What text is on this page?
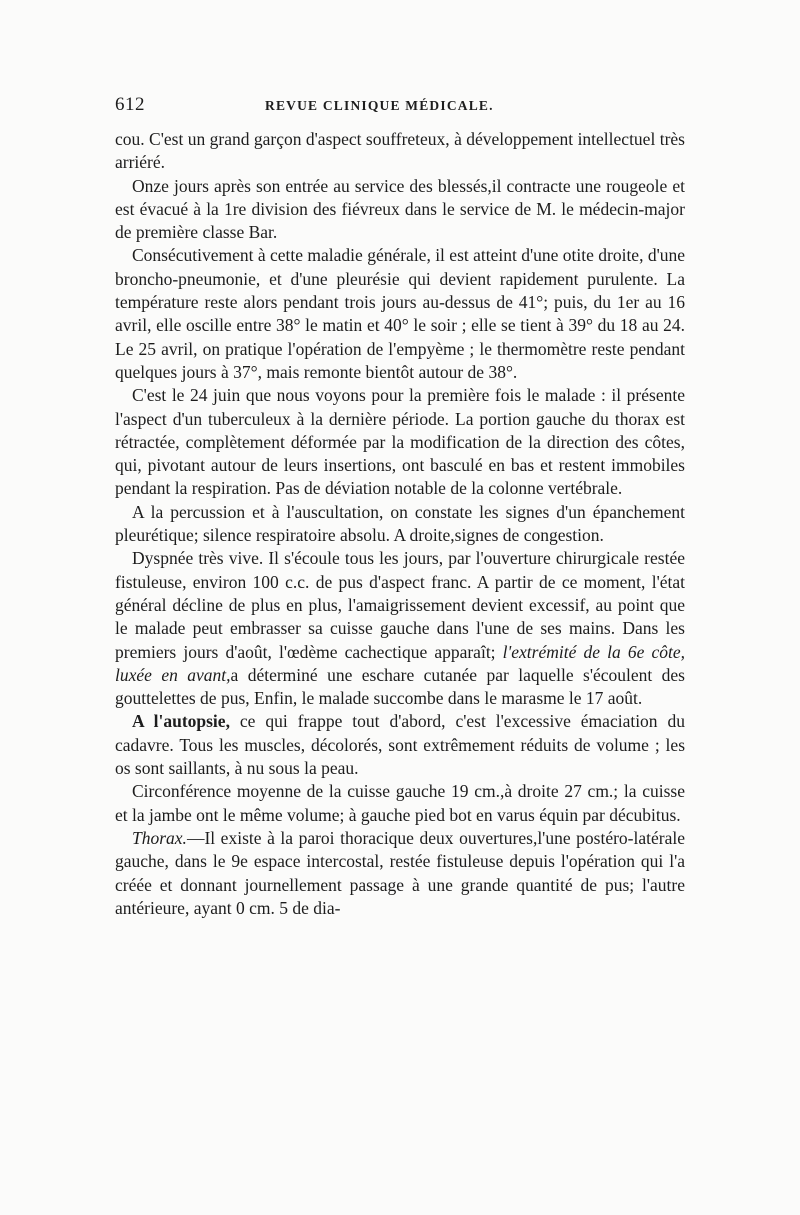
612	REVUE CLINIQUE MÉDICALE.

cou. C'est un grand garçon d'aspect souffreteux, à développement intellectuel très arriéré.

Onze jours après son entrée au service des blessés,il contracte une rougeole et est évacué à la 1re division des fiévreux dans le service de M. le médecin-major de première classe Bar.

Consécutivement à cette maladie générale, il est atteint d'une otite droite, d'une broncho-pneumonie, et d'une pleurésie qui devient rapidement purulente. La température reste alors pendant trois jours au-dessus de 41°; puis, du 1er au 16 avril, elle oscille entre 38° le matin et 40° le soir ; elle se tient à 39° du 18 au 24. Le 25 avril, on pratique l'opération de l'empyème ; le thermomètre reste pendant quelques jours à 37°, mais remonte bientôt autour de 38°.

C'est le 24 juin que nous voyons pour la première fois le malade : il présente l'aspect d'un tuberculeux à la dernière période. La portion gauche du thorax est rétractée, complètement déformée par la modification de la direction des côtes, qui, pivotant autour de leurs insertions, ont basculé en bas et restent immobiles pendant la respiration. Pas de déviation notable de la colonne vertébrale.

A la percussion et à l'auscultation, on constate les signes d'un épanchement pleurétique; silence respiratoire absolu. A droite,signes de congestion.

Dyspnée très vive. Il s'écoule tous les jours, par l'ouverture chirurgicale restée fistuleuse, environ 100 c.c. de pus d'aspect franc. A partir de ce moment, l'état général décline de plus en plus, l'amaigrissement devient excessif, au point que le malade peut embrasser sa cuisse gauche dans l'une de ses mains. Dans les premiers jours d'août, l'œdème cachectique apparaît; l'extrémité de la 6e côte, luxée en avant,a déterminé une eschare cutanée par laquelle s'écoulent des gouttelettes de pus, Enfin, le malade succombe dans le marasme le 17 août.

A l'autopsie, ce qui frappe tout d'abord, c'est l'excessive émaciation du cadavre. Tous les muscles, décolorés, sont extrêmement réduits de volume ; les os sont saillants, à nu sous la peau.

Circonférence moyenne de la cuisse gauche 19 cm.,à droite 27 cm.; la cuisse et la jambe ont le même volume; à gauche pied bot en varus équin par décubitus.

Thorax.—Il existe à la paroi thoracique deux ouvertures,l'une postéro-latérale gauche, dans le 9e espace intercostal, restée fistuleuse depuis l'opération qui l'a créée et donnant journellement passage à une grande quantité de pus; l'autre antérieure, ayant 0 cm. 5 de dia-
